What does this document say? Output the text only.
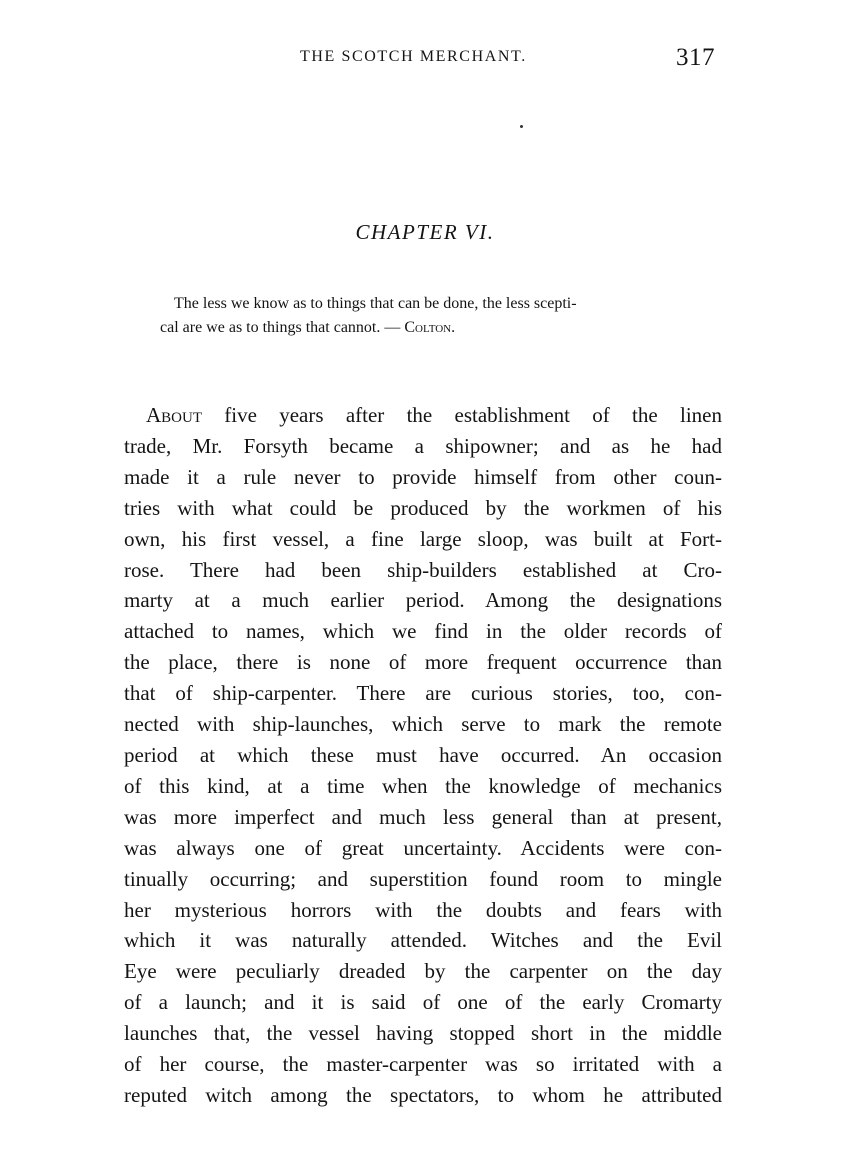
THE SCOTCH MERCHANT.	317
CHAPTER VI.
The less we know as to things that can be done, the less scepti-
cal are we as to things that cannot. — Colton.
About five years after the establishment of the linen
trade, Mr. Forsyth became a shipowner; and as he had
made it a rule never to provide himself from other coun-
tries with what could be produced by the workmen of his
own, his first vessel, a fine large sloop, was built at Fort-
rose. There had been ship-builders established at Cro-
marty at a much earlier period. Among the designations
attached to names, which we find in the older records of
the place, there is none of more frequent occurrence than
that of ship-carpenter. There are curious stories, too, con-
nected with ship-launches, which serve to mark the remote
period at which these must have occurred. An occasion
of this kind, at a time when the knowledge of mechanics
was more imperfect and much less general than at present,
was always one of great uncertainty. Accidents were con-
tinually occurring; and superstition found room to mingle
her mysterious horrors with the doubts and fears with
which it was naturally attended. Witches and the Evil
Eye were peculiarly dreaded by the carpenter on the day
of a launch; and it is said of one of the early Cromarty
launches that, the vessel having stopped short in the middle
of her course, the master-carpenter was so irritated with a
reputed witch among the spectators, to whom he attributed
